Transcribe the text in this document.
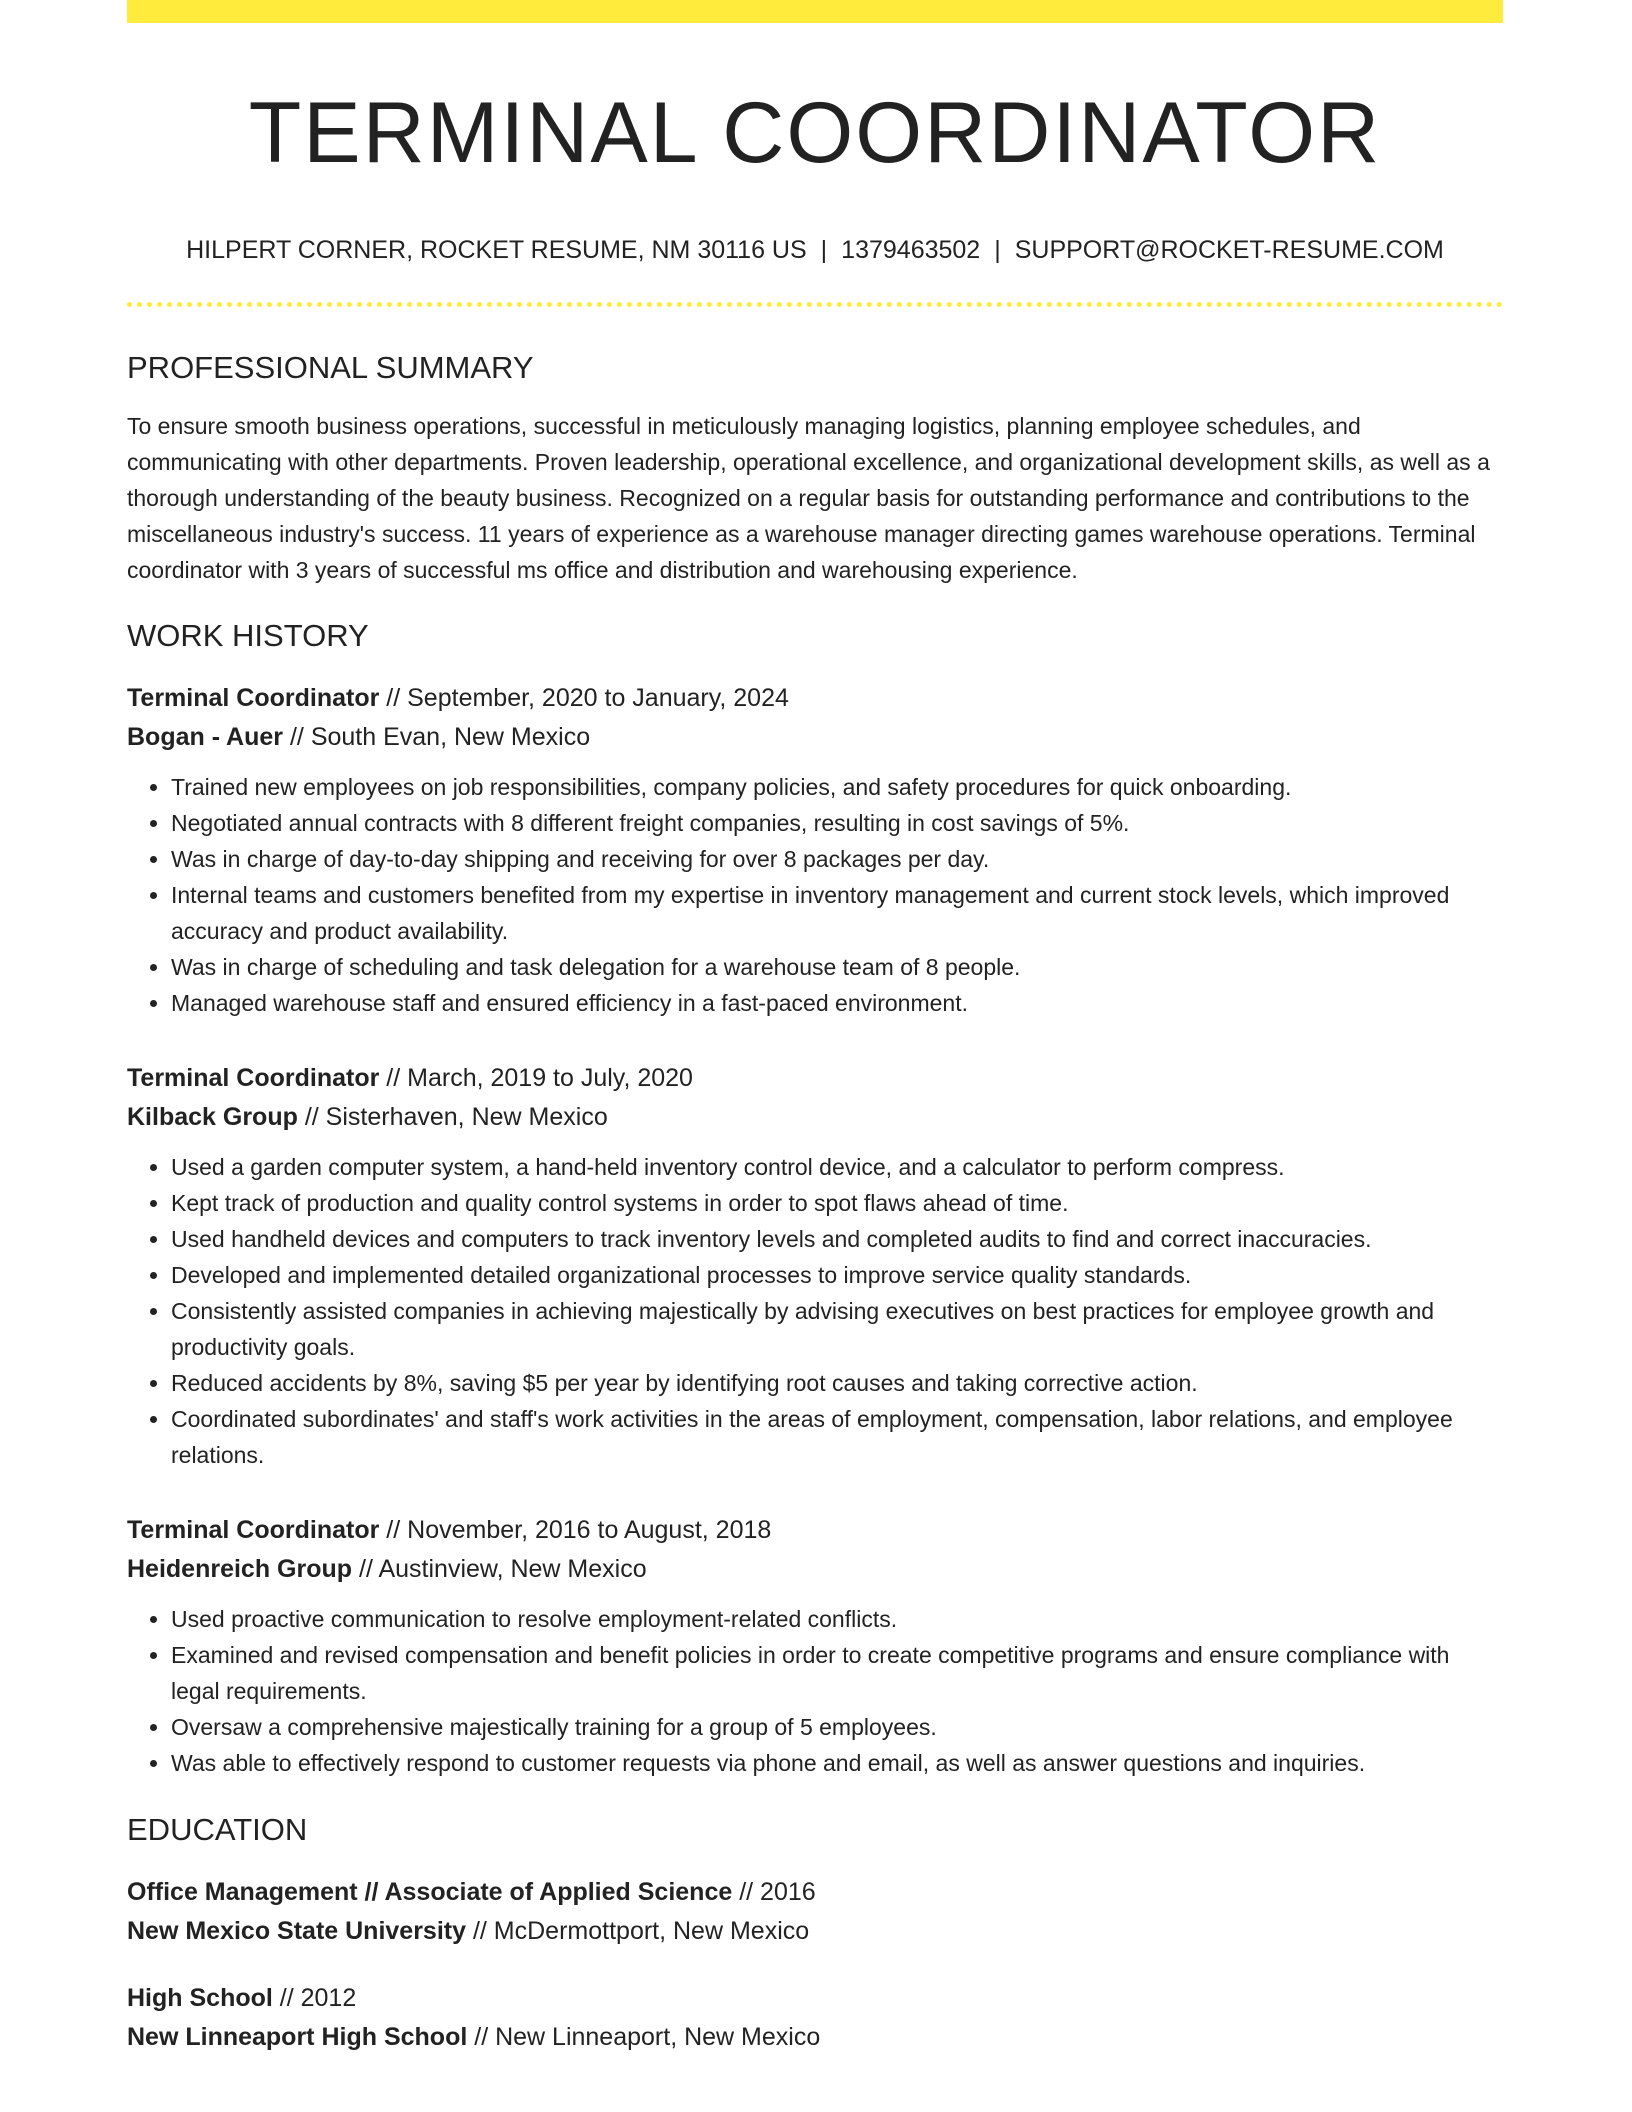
TERMINAL COORDINATOR
HILPERT CORNER, ROCKET RESUME, NM 30116 US | 1379463502 | SUPPORT@ROCKET-RESUME.COM
PROFESSIONAL SUMMARY
To ensure smooth business operations, successful in meticulously managing logistics, planning employee schedules, and communicating with other departments. Proven leadership, operational excellence, and organizational development skills, as well as a thorough understanding of the beauty business. Recognized on a regular basis for outstanding performance and contributions to the miscellaneous industry's success. 11 years of experience as a warehouse manager directing games warehouse operations. Terminal coordinator with 3 years of successful ms office and distribution and warehousing experience.
WORK HISTORY
Terminal Coordinator // September, 2020 to January, 2024
Bogan - Auer // South Evan, New Mexico
• Trained new employees on job responsibilities, company policies, and safety procedures for quick onboarding.
• Negotiated annual contracts with 8 different freight companies, resulting in cost savings of 5%.
• Was in charge of day-to-day shipping and receiving for over 8 packages per day.
• Internal teams and customers benefited from my expertise in inventory management and current stock levels, which improved accuracy and product availability.
• Was in charge of scheduling and task delegation for a warehouse team of 8 people.
• Managed warehouse staff and ensured efficiency in a fast-paced environment.
Terminal Coordinator // March, 2019 to July, 2020
Kilback Group // Sisterhaven, New Mexico
• Used a garden computer system, a hand-held inventory control device, and a calculator to perform compress.
• Kept track of production and quality control systems in order to spot flaws ahead of time.
• Used handheld devices and computers to track inventory levels and completed audits to find and correct inaccuracies.
• Developed and implemented detailed organizational processes to improve service quality standards.
• Consistently assisted companies in achieving majestically by advising executives on best practices for employee growth and productivity goals.
• Reduced accidents by 8%, saving $5 per year by identifying root causes and taking corrective action.
• Coordinated subordinates' and staff's work activities in the areas of employment, compensation, labor relations, and employee relations.
Terminal Coordinator // November, 2016 to August, 2018
Heidenreich Group // Austinview, New Mexico
• Used proactive communication to resolve employment-related conflicts.
• Examined and revised compensation and benefit policies in order to create competitive programs and ensure compliance with legal requirements.
• Oversaw a comprehensive majestically training for a group of 5 employees.
• Was able to effectively respond to customer requests via phone and email, as well as answer questions and inquiries.
EDUCATION
Office Management // Associate of Applied Science // 2016
New Mexico State University // McDermottport, New Mexico
High School // 2012
New Linneaport High School // New Linneaport, New Mexico
